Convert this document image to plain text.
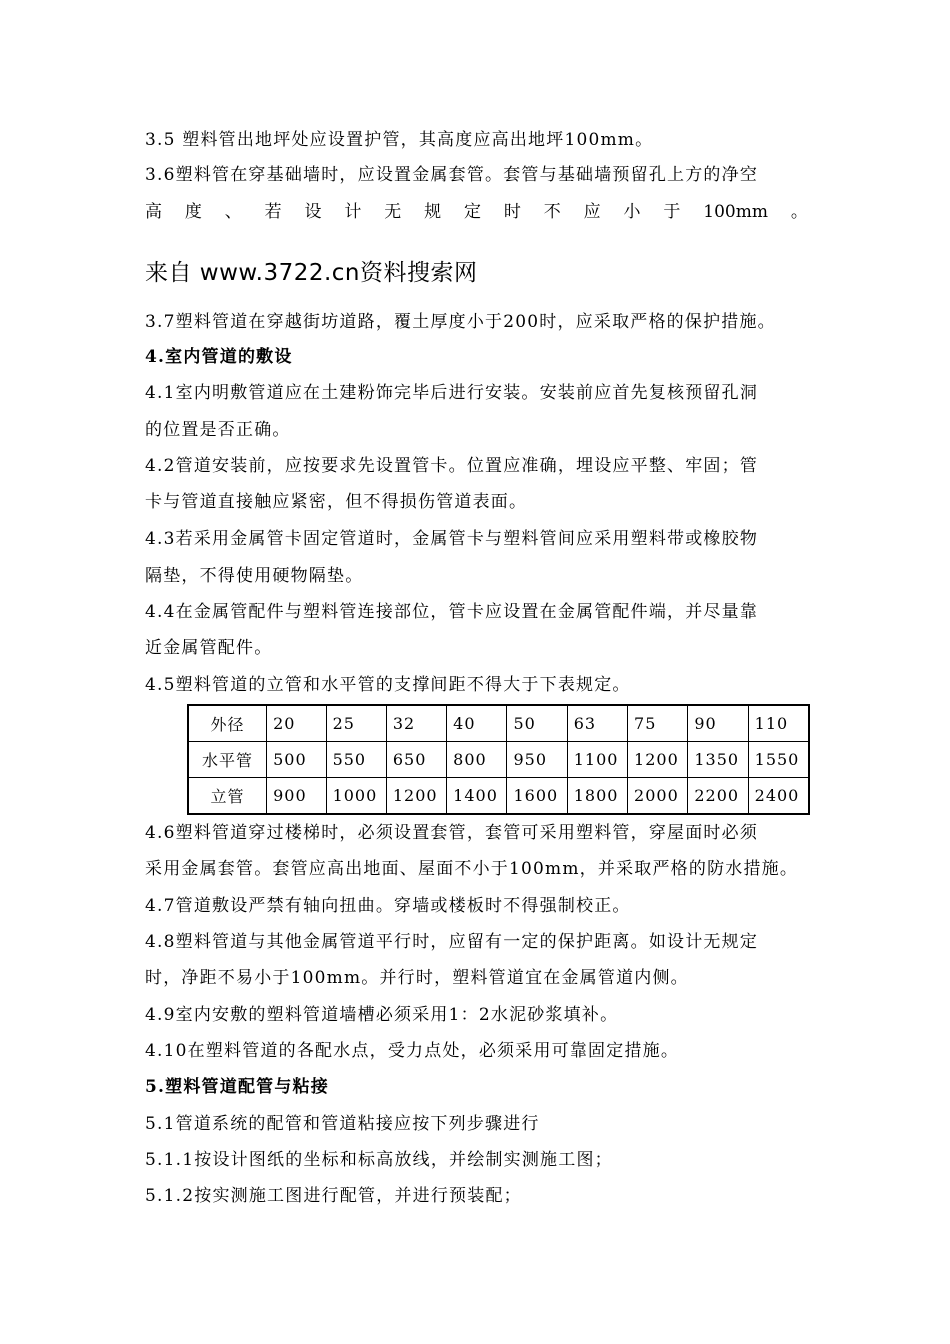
3.5 塑料管出地坪处应设置护管，其高度应高出地坪100mm。
3.6塑料管在穿基础墙时，应设置金属套管。套管与基础墙预留孔上方的净空
高 度 、 若 设 计 无 规 定 时 不 应 小 于 100mm 。
来自 www.3722.cn资料搜索网
3.7塑料管道在穿越街坊道路，覆土厚度小于200时，应采取严格的保护措施。
4.室内管道的敷设
4.1室内明敷管道应在土建粉饰完毕后进行安装。安装前应首先复核预留孔洞
的位置是否正确。
4.2管道安装前，应按要求先设置管卡。位置应准确，埋设应平整、牢固；管
卡与管道直接触应紧密，但不得损伤管道表面。
4.3若采用金属管卡固定管道时，金属管卡与塑料管间应采用塑料带或橡胶物
隔垫，不得使用硬物隔垫。
4.4在金属管配件与塑料管连接部位，管卡应设置在金属管配件端，并尽量靠
近金属管配件。
4.5塑料管道的立管和水平管的支撑间距不得大于下表规定。
外径	20	25	32	40	50	63	75	90	110
水平管	500	550	650	800	950	1100	1200	1350	1550
立管	900	1000	1200	1400	1600	1800	2000	2200	2400
4.6塑料管道穿过楼梯时，必须设置套管，套管可采用塑料管，穿屋面时必须
采用金属套管。套管应高出地面、屋面不小于100mm，并采取严格的防水措施。
4.7管道敷设严禁有轴向扭曲。穿墙或楼板时不得强制校正。
4.8塑料管道与其他金属管道平行时，应留有一定的保护距离。如设计无规定
时，净距不易小于100mm。并行时，塑料管道宜在金属管道内侧。
4.9室内安敷的塑料管道墙槽必须采用1：2水泥砂浆填补。
4.10在塑料管道的各配水点，受力点处，必须采用可靠固定措施。
5.塑料管道配管与粘接
5.1管道系统的配管和管道粘接应按下列步骤进行
5.1.1按设计图纸的坐标和标高放线，并绘制实测施工图；
5.1.2按实测施工图进行配管，并进行预装配；
